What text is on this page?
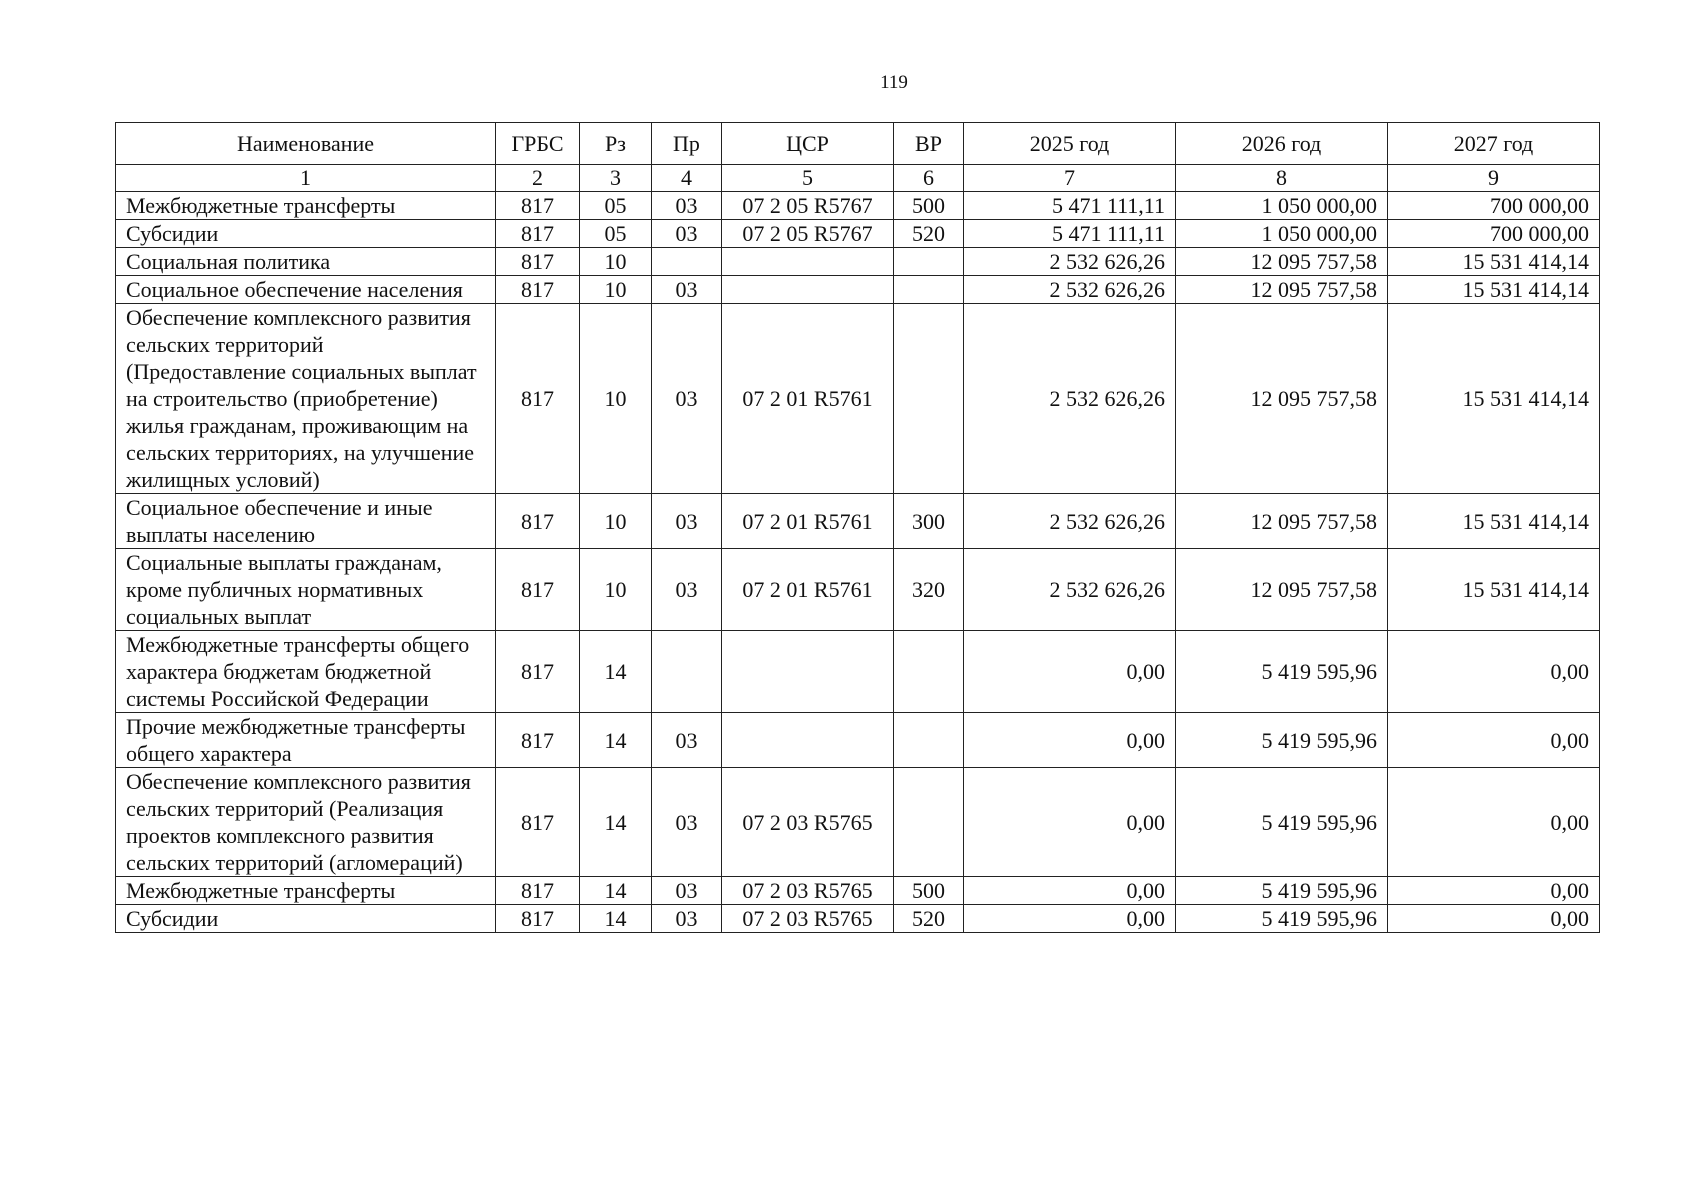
119
Наименование	ГРБС	Рз	Пр	ЦСР	ВР	2025 год	2026 год	2027 год
1	2	3	4	5	6	7	8	9
Межбюджетные трансферты	817	05	03	07 2 05 R5767	500	5 471 111,11	1 050 000,00	700 000,00
Субсидии	817	05	03	07 2 05 R5767	520	5 471 111,11	1 050 000,00	700 000,00
Социальная политика	817	10				2 532 626,26	12 095 757,58	15 531 414,14
Социальное обеспечение населения	817	10	03			2 532 626,26	12 095 757,58	15 531 414,14
Обеспечение комплексного развития сельских территорий (Предоставление социальных выплат на строительство (приобретение) жилья гражданам, проживающим на сельских территориях, на улучшение жилищных условий)	817	10	03	07 2 01 R5761		2 532 626,26	12 095 757,58	15 531 414,14
Социальное обеспечение и иные выплаты населению	817	10	03	07 2 01 R5761	300	2 532 626,26	12 095 757,58	15 531 414,14
Социальные выплаты гражданам, кроме публичных нормативных социальных выплат	817	10	03	07 2 01 R5761	320	2 532 626,26	12 095 757,58	15 531 414,14
Межбюджетные трансферты общего характера бюджетам бюджетной системы Российской Федерации	817	14				0,00	5 419 595,96	0,00
Прочие межбюджетные трансферты общего характера	817	14	03			0,00	5 419 595,96	0,00
Обеспечение комплексного развития сельских территорий (Реализация проектов комплексного развития сельских территорий (агломераций)	817	14	03	07 2 03 R5765		0,00	5 419 595,96	0,00
Межбюджетные трансферты	817	14	03	07 2 03 R5765	500	0,00	5 419 595,96	0,00
Субсидии	817	14	03	07 2 03 R5765	520	0,00	5 419 595,96	0,00
